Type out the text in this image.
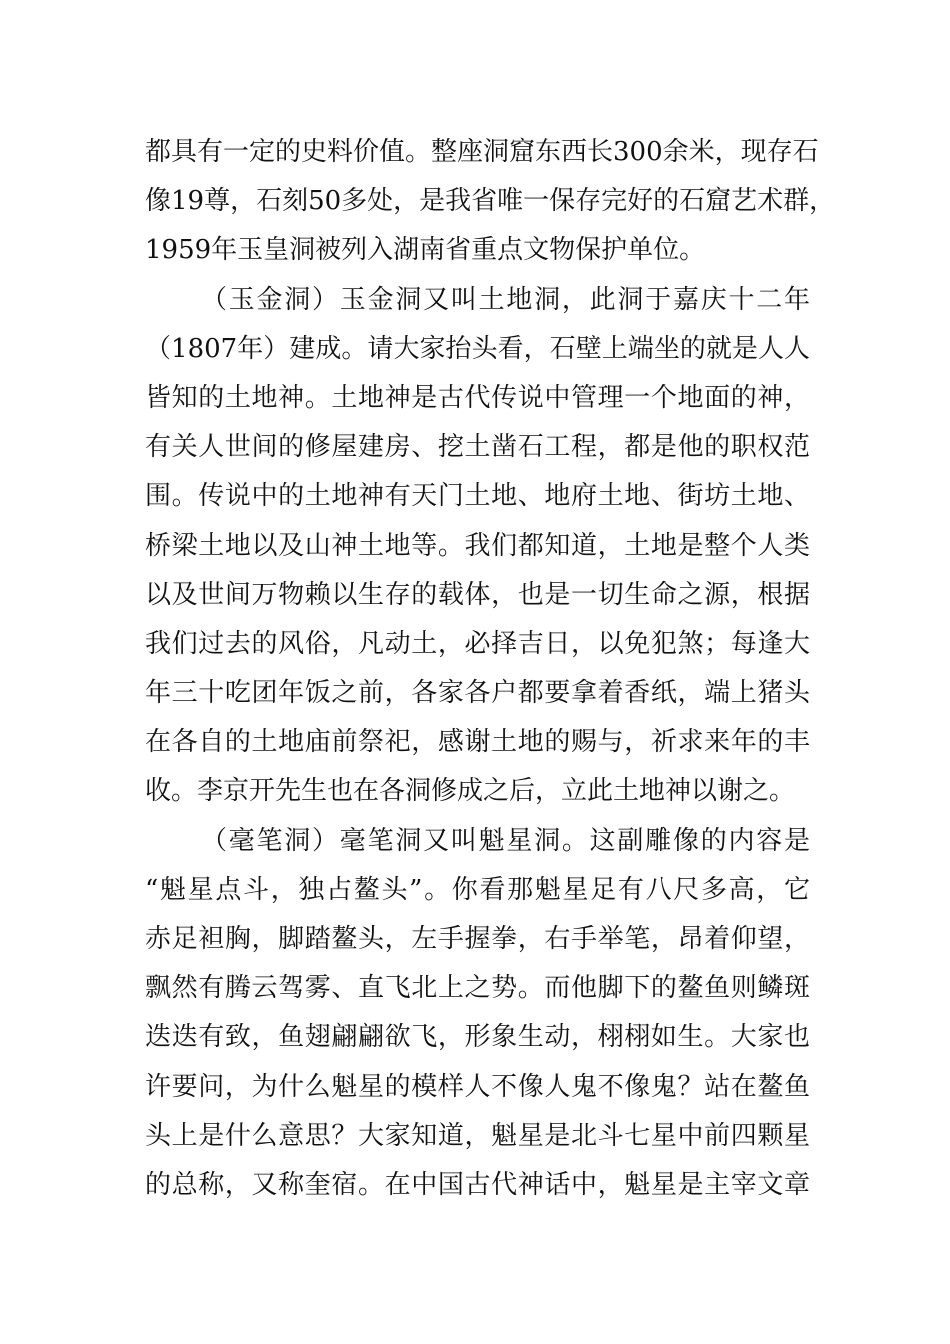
都具有一定的史料价值。整座洞窟东西长300余米，现存石
像19尊，石刻50多处，是我省唯一保存完好的石窟艺术群，
1959年玉皇洞被列入湖南省重点文物保护单位。
（玉金洞）玉金洞又叫土地洞，此洞于嘉庆十二年
（1807年）建成。请大家抬头看，石壁上端坐的就是人人
皆知的土地神。土地神是古代传说中管理一个地面的神，
有关人世间的修屋建房、挖土凿石工程，都是他的职权范
围。传说中的土地神有天门土地、地府土地、街坊土地、
桥梁土地以及山神土地等。我们都知道，土地是整个人类
以及世间万物赖以生存的载体，也是一切生命之源，根据
我们过去的风俗，凡动土，必择吉日，以免犯煞；每逢大
年三十吃团年饭之前，各家各户都要拿着香纸，端上猪头
在各自的土地庙前祭祀，感谢土地的赐与，祈求来年的丰
收。李京开先生也在各洞修成之后，立此土地神以谢之。
（毫笔洞）毫笔洞又叫魁星洞。这副雕像的内容是
“魁星点斗，独占鳌头”。你看那魁星足有八尺多高，它
赤足袒胸，脚踏鳌头，左手握拳，右手举笔，昂着仰望，
飘然有腾云驾雾、直飞北上之势。而他脚下的鳌鱼则鳞斑
迭迭有致，鱼翅翩翩欲飞，形象生动，栩栩如生。大家也
许要问，为什么魁星的模样人不像人鬼不像鬼？站在鳌鱼
头上是什么意思？大家知道，魁星是北斗七星中前四颗星
的总称，又称奎宿。在中国古代神话中，魁星是主宰文章
